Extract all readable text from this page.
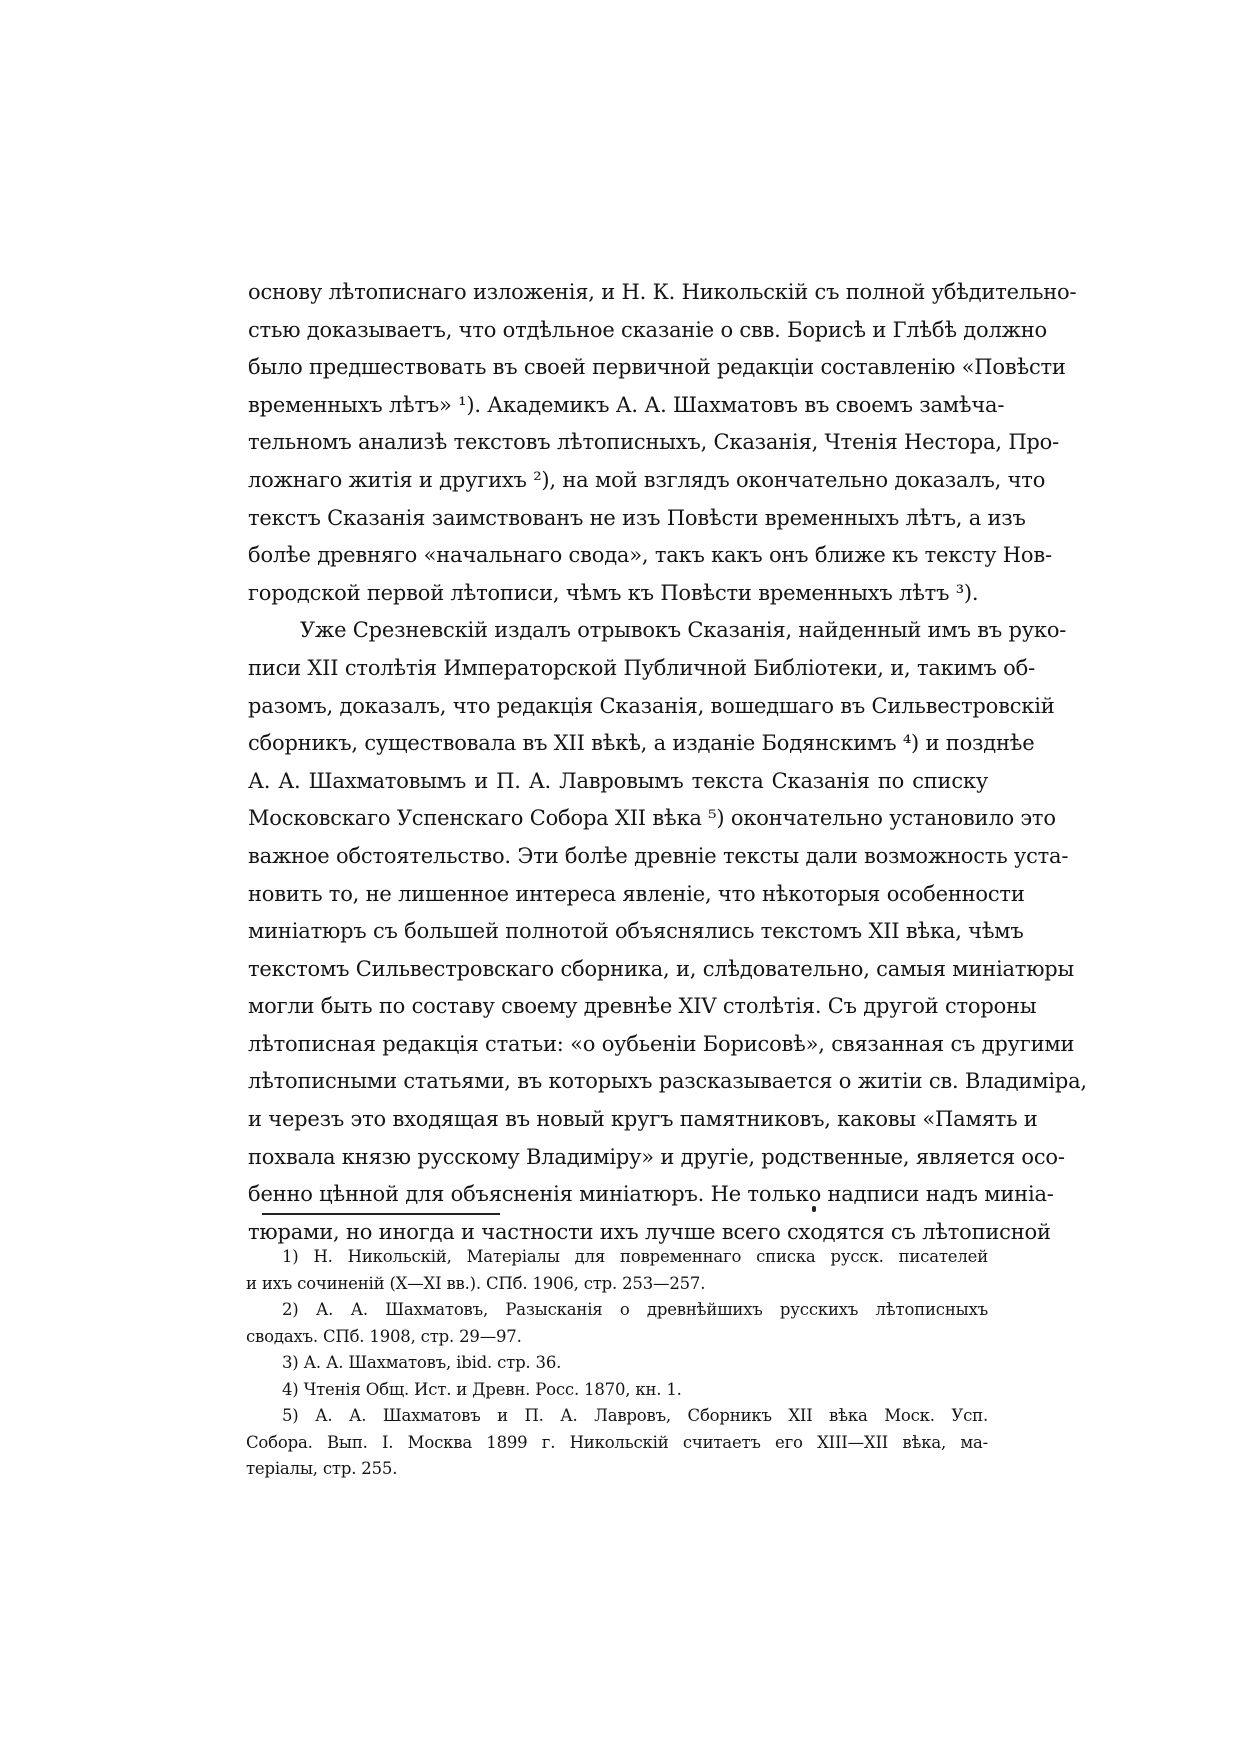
основу лѣтописнаго изложенія, и Н. К. Никольскій съ полной убѣдительно-
стью доказываетъ, что отдѣльное сказаніе о свв. Борисѣ и Глѣбѣ должно
было предшествовать въ своей первичной редакціи составленію «Повѣсти
временныхъ лѣтъ» ¹). Академикъ А. А. Шахматовъ въ своемъ замѣча-
тельномъ анализѣ текстовъ лѣтописныхъ, Сказанія, Чтенія Нестора, Про-
ложнаго житія и другихъ ²), на мой взглядъ окончательно доказалъ, что
текстъ Сказанія заимствованъ не изъ Повѣсти временныхъ лѣтъ, а изъ
болѣе древняго «начальнаго свода», такъ какъ онъ ближе къ тексту Нов-
городской первой лѣтописи, чѣмъ къ Повѣсти временныхъ лѣтъ ³).
Уже Срезневскій издалъ отрывокъ Сказанія, найденный имъ въ руко-
писи XII столѣтія Императорской Публичной Библіотеки, и, такимъ об-
разомъ, доказалъ, что редакція Сказанія, вошедшаго въ Сильвестровскій
сборникъ, существовала въ XII вѣкѣ, а изданіе Бодянскимъ ⁴) и позднѣе
А. А. Шахматовымъ и П. А. Лавровымъ текста Сказанія по списку
Московскаго Успенскаго Собора XII вѣка ⁵) окончательно установило это
важное обстоятельство. Эти болѣе древніе тексты дали возможность уста-
новить то, не лишенное интереса явленіе, что нѣкоторыя особенности
миніатюръ съ большей полнотой объяснялись текстомъ XII вѣка, чѣмъ
текстомъ Сильвестровскаго сборника, и, слѣдовательно, самыя миніатюры
могли быть по составу своему древнѣе XIV столѣтія. Съ другой стороны
лѣтописная редакція статьи: «о оубьеніи Борисовѣ», связанная съ другими
лѣтописными статьями, въ которыхъ разсказывается о житіи св. Владиміра,
и черезъ это входящая въ новый кругъ памятниковъ, каковы «Память и
похвала князю русскому Владиміру» и другіе, родственные, является осо-
бенно цѣнной для объясненія миніатюръ. Не только надписи надъ миніа-
тюрами, но иногда и частности ихъ лучше всего сходятся съ лѣтописной
1) Н. Никольскій, Матеріалы для повременнаго списка русск. писателей
и ихъ сочиненій (X—XI вв.). СПб. 1906, стр. 253—257.
2) А. А. Шахматовъ, Разысканія о древнѣйшихъ русскихъ лѣтописныхъ
сводахъ. СПб. 1908, стр. 29—97.
3) А. А. Шахматовъ, ibid. стр. 36.
4) Чтенія Общ. Ист. и Древн. Росс. 1870, кн. 1.
5) А. А. Шахматовъ и П. А. Лавровъ, Сборникъ XII вѣка Моск. Усп.
Собора. Вып. I. Москва 1899 г. Никольскій считаетъ его XIII—XII вѣка, ма-
теріалы, стр. 255.
